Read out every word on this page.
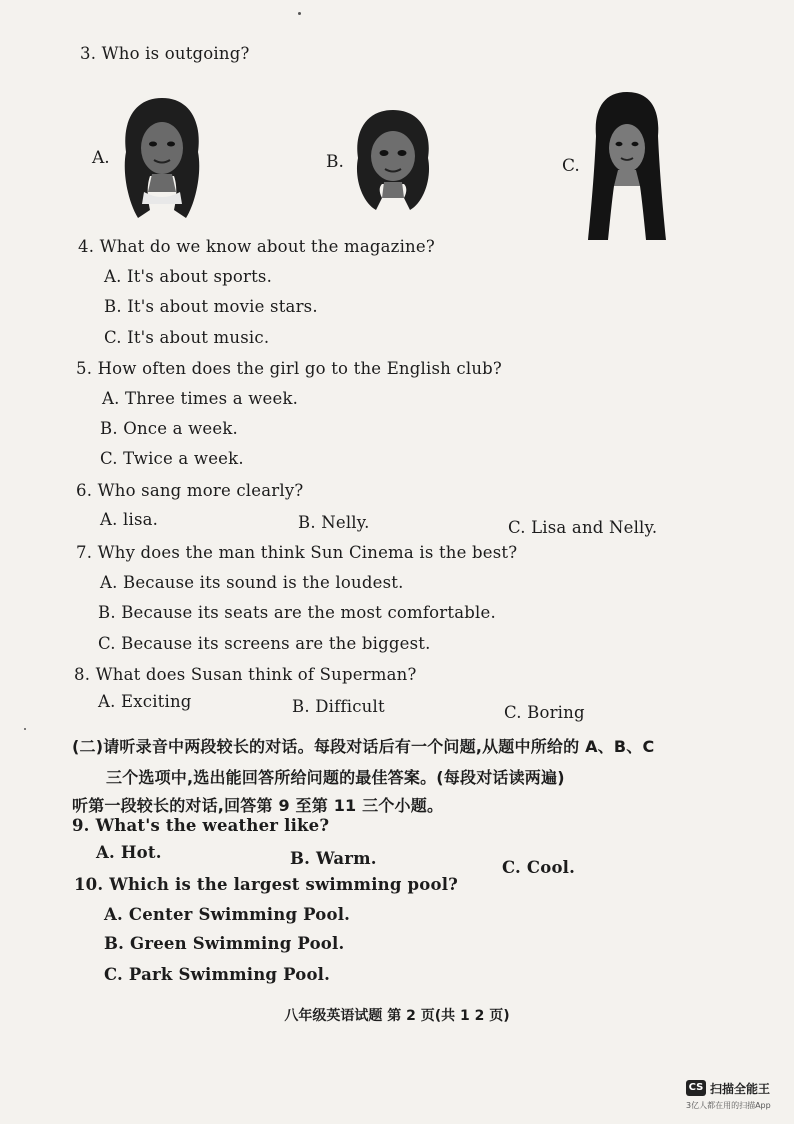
3. Who is outgoing?
A.	B.	C.
4. What do we know about the magazine?
A. It's about sports.
B. It's about movie stars.
C. It's about music.
5. How often does the girl go to the English club?
A. Three times a week.
B. Once a week.
C. Twice a week.
6. Who sang more clearly?
A. lisa.	B. Nelly.	C. Lisa and Nelly.
7. Why does the man think Sun Cinema is the best?
A. Because its sound is the loudest.
B. Because its seats are the most comfortable.
C. Because its screens are the biggest.
8. What does Susan think of Superman?
A. Exciting	B. Difficult	C. Boring
(二)请听录音中两段较长的对话。每段对话后有一个问题,从题中所给的 A、B、C
三个选项中,选出能回答所给问题的最佳答案。(每段对话读两遍)
听第一段较长的对话,回答第 9 至第 11 三个小题。
9. What's the weather like?
A. Hot.	B. Warm.	C. Cool.
10. Which is the largest swimming pool?
A. Center Swimming Pool.
B. Green Swimming Pool.
C. Park Swimming Pool.
八年级英语试题 第 2 页(共 1 2 页)
CS 扫描全能王
3亿人都在用的扫描App
